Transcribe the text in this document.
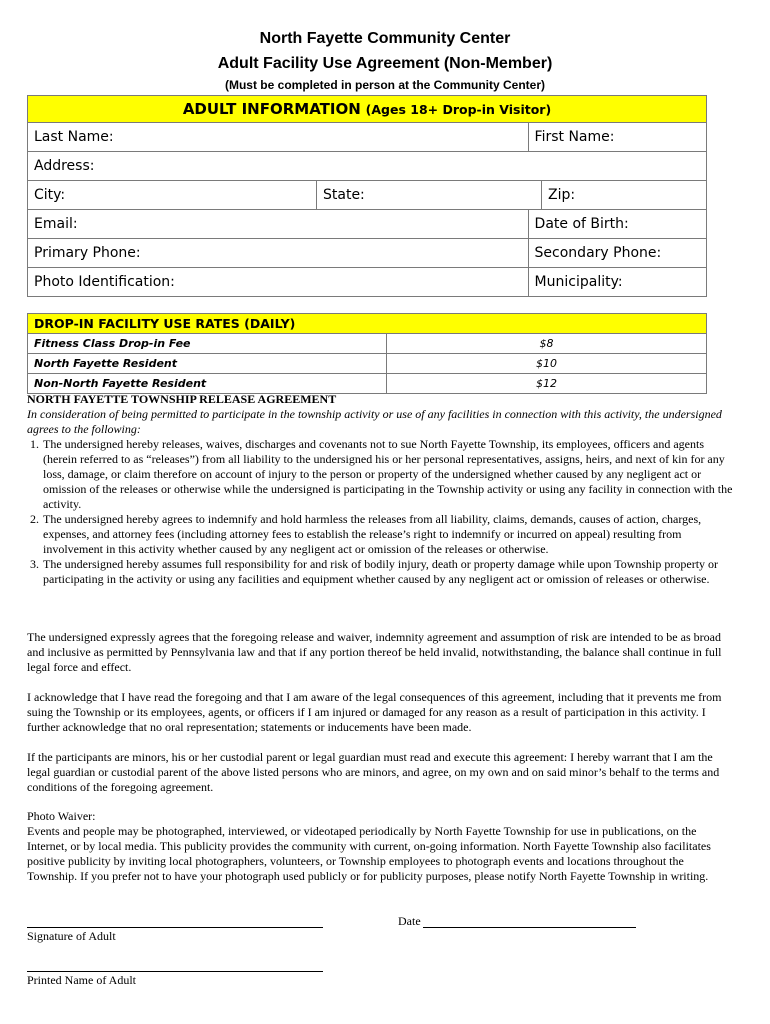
North Fayette Community Center
Adult Facility Use Agreement (Non-Member)
(Must be completed in person at the Community Center)
ADULT INFORMATION (Ages 18+ Drop-in Visitor)	
Last Name:	First Name:
Address:	

City: State: Zip:	

Email:	Date of Birth:
Primary Phone:	Secondary Phone:
Photo Identification:	Municipality:
DROP-IN FACILITY USE RATES (DAILY)	
Fitness Class Drop-in Fee	$8
North Fayette Resident	$10
Non-North Fayette Resident	$12

NORTH FAYETTE TOWNSHIP RELEASE AGREEMENT

In consideration of being permitted to participate in the township activity or use of any facilities in connection with this activity, the undersigned agrees to the following:

1. The undersigned hereby releases, waives, discharges and covenants not to sue North Fayette Township, its employees, officers and agents (herein referred to as “releases”) from all liability to the undersigned his or her personal representatives, assigns, heirs, and next of kin for any loss, damage, or claim therefore on account of injury to the person or property of the undersigned whether caused by any negligent act or omission of the releases or otherwise while the undersigned is participating in the Township activity or using any facility in connection with the activity.
2. The undersigned hereby agrees to indemnify and hold harmless the releases from all liability, claims, demands, causes of action, charges, expenses, and attorney fees (including attorney fees to establish the release’s right to indemnify or incurred on appeal) resulting from involvement in this activity whether caused by any negligent act or omission of the releases or otherwise.
3. The undersigned hereby assumes full responsibility for and risk of bodily injury, death or property damage while upon Township property or participating in the activity or using any facilities and equipment whether caused by any negligent act or omission of releases or otherwise.
The undersigned expressly agrees that the foregoing release and waiver, indemnity agreement and assumption of risk are intended to be as broad and inclusive as permitted by Pennsylvania law and that if any portion thereof be held invalid, notwithstanding, the balance shall continue in full legal force and effect.
I acknowledge that I have read the foregoing and that I am aware of the legal consequences of this agreement, including that it prevents me from suing the Township or its employees, agents, or officers if I am injured or damaged for any reason as a result of participation in this activity. I further acknowledge that no oral representation; statements or inducements have been made.
If the participants are minors, his or her custodial parent or legal guardian must read and execute this agreement: I hereby warrant that I am the legal guardian or custodial parent of the above listed persons who are minors, and agree, on my own and on said minor’s behalf to the terms and conditions of the foregoing agreement.

Photo Waiver:

Events and people may be photographed, interviewed, or videotaped periodically by North Fayette Township for use in publications, on the Internet, or by local media. This publicity provides the community with current, on-going information. North Fayette Township also facilitates positive publicity by inviting local photographers, volunteers, or Township employees to photograph events and locations throughout the Township. If you prefer not to have your photograph used publicly or for publicity purposes, please notify North Fayette Township in writing.

Signature of Adult
Date
Printed Name of Adult
